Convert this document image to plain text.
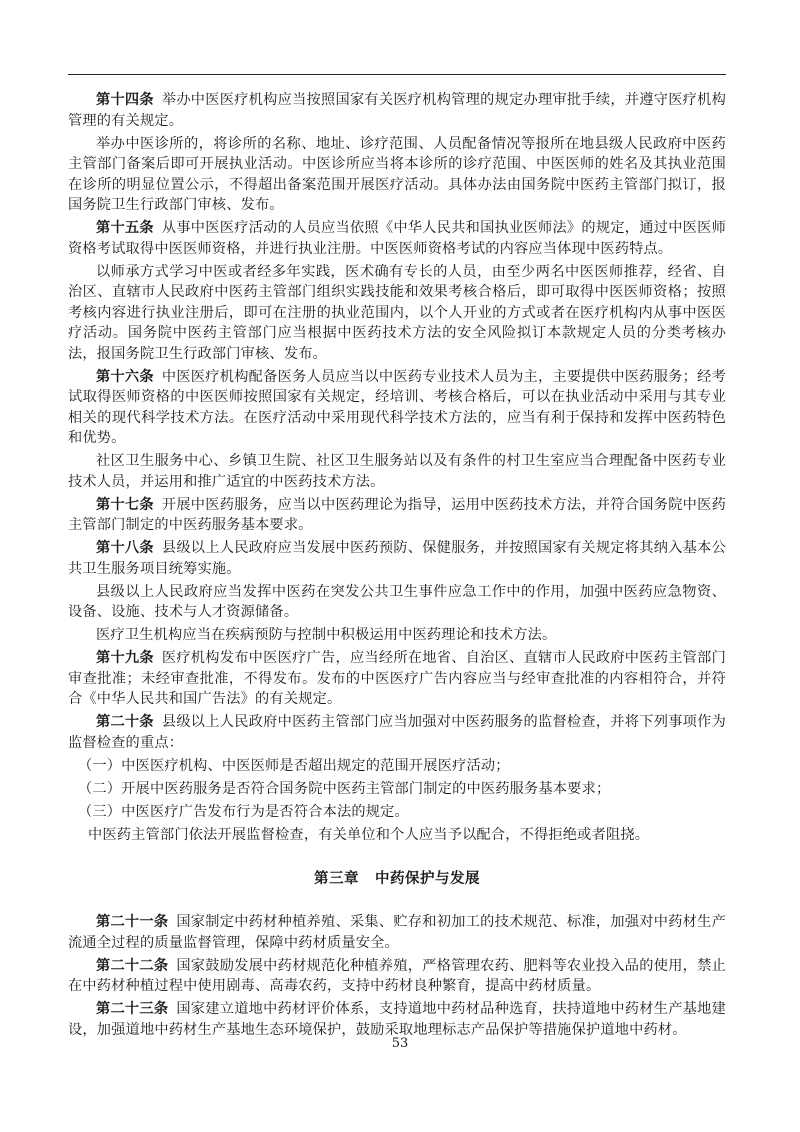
第十四条 举办中医医疗机构应当按照国家有关医疗机构管理的规定办理审批手续，并遵守医疗机构管理的有关规定。

举办中医诊所的，将诊所的名称、地址、诊疗范围、人员配备情况等报所在地县级人民政府中医药主管部门备案后即可开展执业活动。中医诊所应当将本诊所的诊疗范围、中医医师的姓名及其执业范围在诊所的明显位置公示，不得超出备案范围开展医疗活动。具体办法由国务院中医药主管部门拟订，报国务院卫生行政部门审核、发布。

第十五条 从事中医医疗活动的人员应当依照《中华人民共和国执业医师法》的规定，通过中医医师资格考试取得中医医师资格，并进行执业注册。中医医师资格考试的内容应当体现中医药特点。

以师承方式学习中医或者经多年实践，医术确有专长的人员，由至少两名中医医师推荐，经省、自治区、直辖市人民政府中医药主管部门组织实践技能和效果考核合格后，即可取得中医医师资格；按照考核内容进行执业注册后，即可在注册的执业范围内，以个人开业的方式或者在医疗机构内从事中医医疗活动。国务院中医药主管部门应当根据中医药技术方法的安全风险拟订本款规定人员的分类考核办法，报国务院卫生行政部门审核、发布。

第十六条 中医医疗机构配备医务人员应当以中医药专业技术人员为主，主要提供中医药服务；经考试取得医师资格的中医医师按照国家有关规定，经培训、考核合格后，可以在执业活动中采用与其专业相关的现代科学技术方法。在医疗活动中采用现代科学技术方法的，应当有利于保持和发挥中医药特色和优势。

社区卫生服务中心、乡镇卫生院、社区卫生服务站以及有条件的村卫生室应当合理配备中医药专业技术人员，并运用和推广适宜的中医药技术方法。

第十七条 开展中医药服务，应当以中医药理论为指导，运用中医药技术方法，并符合国务院中医药主管部门制定的中医药服务基本要求。

第十八条 县级以上人民政府应当发展中医药预防、保健服务，并按照国家有关规定将其纳入基本公共卫生服务项目统筹实施。

县级以上人民政府应当发挥中医药在突发公共卫生事件应急工作中的作用，加强中医药应急物资、设备、设施、技术与人才资源储备。

医疗卫生机构应当在疾病预防与控制中积极运用中医药理论和技术方法。

第十九条 医疗机构发布中医医疗广告，应当经所在地省、自治区、直辖市人民政府中医药主管部门审查批准；未经审查批准，不得发布。发布的中医医疗广告内容应当与经审查批准的内容相符合，并符合《中华人民共和国广告法》的有关规定。

第二十条 县级以上人民政府中医药主管部门应当加强对中医药服务的监督检查，并将下列事项作为监督检查的重点：

（一）中医医疗机构、中医医师是否超出规定的范围开展医疗活动；

（二）开展中医药服务是否符合国务院中医药主管部门制定的中医药服务基本要求；

（三）中医医疗广告发布行为是否符合本法的规定。

中医药主管部门依法开展监督检查，有关单位和个人应当予以配合，不得拒绝或者阻挠。

第三章 中药保护与发展

第二十一条 国家制定中药材种植养殖、采集、贮存和初加工的技术规范、标准，加强对中药材生产流通全过程的质量监督管理，保障中药材质量安全。

第二十二条 国家鼓励发展中药材规范化种植养殖，严格管理农药、肥料等农业投入品的使用，禁止在中药材种植过程中使用剧毒、高毒农药，支持中药材良种繁育，提高中药材质量。

第二十三条 国家建立道地中药材评价体系，支持道地中药材品种选育，扶持道地中药材生产基地建设，加强道地中药材生产基地生态环境保护，鼓励采取地理标志产品保护等措施保护道地中药材。

53
